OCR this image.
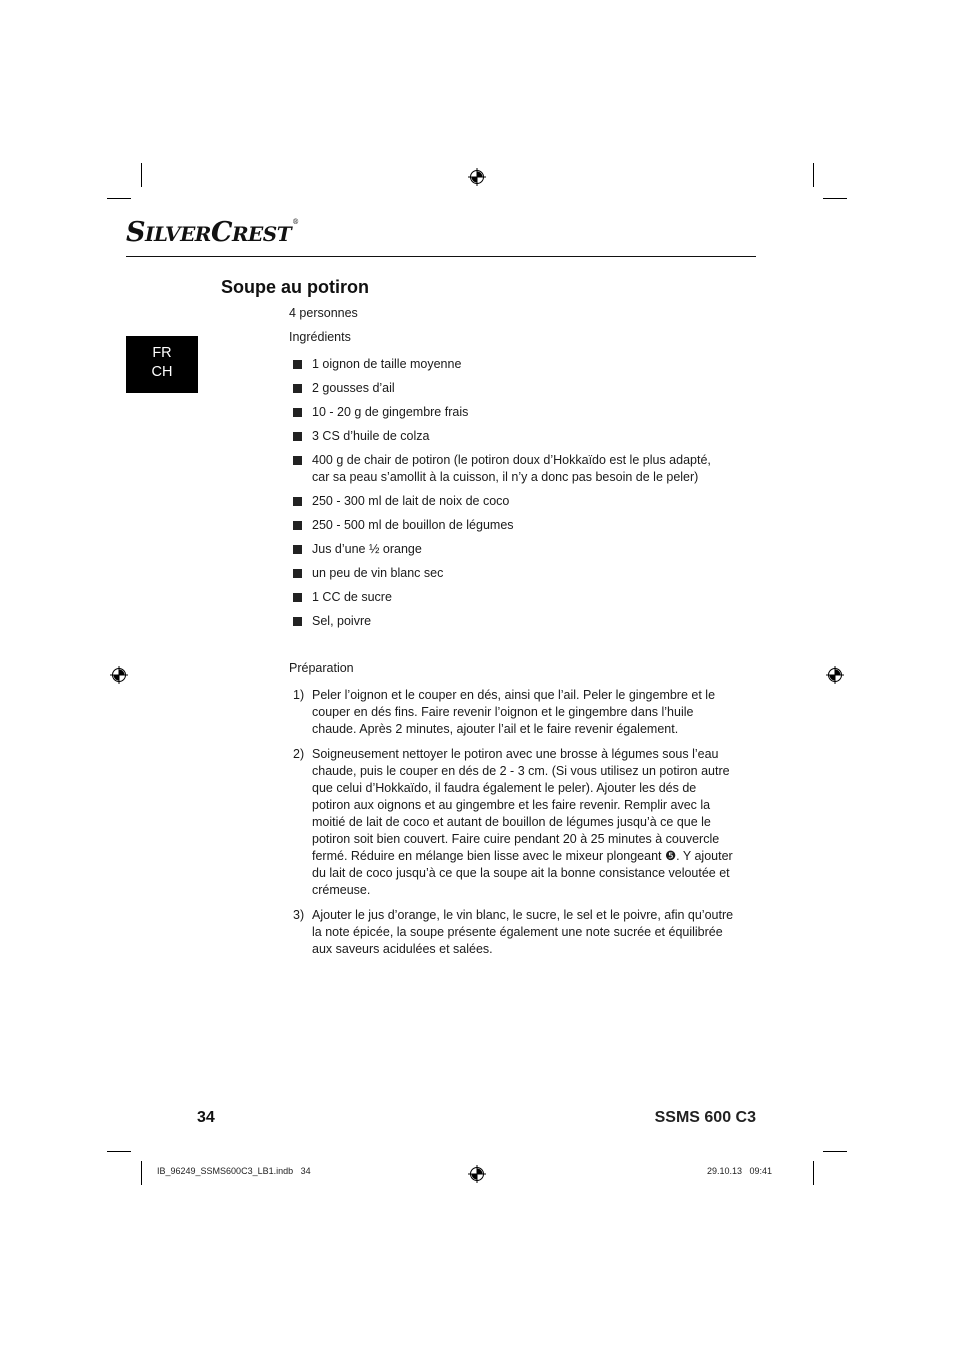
SILVERCREST®
Soupe au potiron
FR
CH
4 personnes
Ingrédients
1 oignon de taille moyenne
2 gousses d’ail
10 - 20 g de gingembre frais
3 CS d’huile de colza
400 g de chair de potiron (le potiron doux d’Hokkaïdo est le plus adapté, car sa peau s’amollit à la cuisson, il n’y a donc pas besoin de le peler)
250 - 300 ml de lait de noix de coco
250 - 500 ml de bouillon de légumes
Jus d’une ½ orange
un peu de vin blanc sec
1 CC de sucre
Sel, poivre
Préparation
1) Peler l’oignon et le couper en dés, ainsi que l’ail. Peler le gingembre et le couper en dés fins. Faire revenir l’oignon et le gingembre dans l’huile chaude. Après 2 minutes, ajouter l’ail et le faire revenir également.
2) Soigneusement nettoyer le potiron avec une brosse à légumes sous l’eau chaude, puis le couper en dés de 2 - 3 cm. (Si vous utilisez un potiron autre que celui d’Hokkaïdo, il faudra également le peler). Ajouter les dés de potiron aux oignons et au gingembre et les faire revenir. Remplir avec la moitié de lait de coco et autant de bouillon de légumes jusqu’à ce que le potiron soit bien couvert. Faire cuire pendant 20 à 25 minutes à couvercle fermé. Réduire en mélange bien lisse avec le mixeur plongeant ❺. Y ajouter du lait de coco jusqu’à ce que la soupe ait la bonne consistance veloutée et crémeuse.
3) Ajouter le jus d’orange, le vin blanc, le sucre, le sel et le poivre, afin qu’outre la note épicée, la soupe présente également une note sucrée et équilibrée aux saveurs acidulées et salées.
34	SSMS 600 C3
IB_96249_SSMS600C3_LB1.indb   34	29.10.13   09:41
